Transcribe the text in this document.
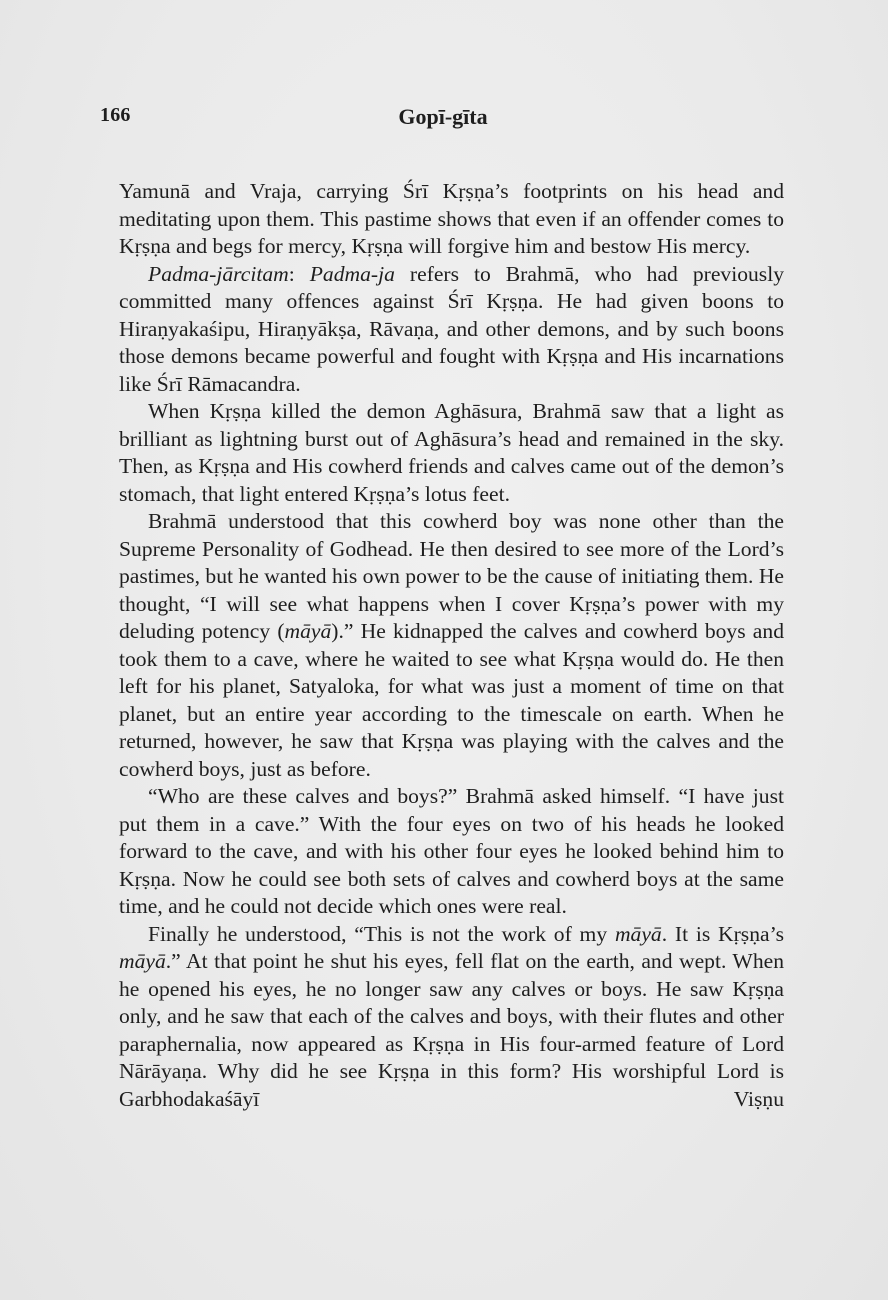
166	Gopī-gīta

Yamunā and Vraja, carrying Śrī Kṛṣṇa’s footprints on his head and meditating upon them. This pastime shows that even if an offender comes to Kṛṣṇa and begs for mercy, Kṛṣṇa will forgive him and bestow His mercy.

Padma-jārcitam: Padma-ja refers to Brahmā, who had previously committed many offences against Śrī Kṛṣṇa. He had given boons to Hiraṇyakaśipu, Hiraṇyākṣa, Rāvaṇa, and other demons, and by such boons those demons became powerful and fought with Kṛṣṇa and His incarnations like Śrī Rāmacandra.

When Kṛṣṇa killed the demon Aghāsura, Brahmā saw that a light as brilliant as lightning burst out of Aghāsura’s head and remained in the sky. Then, as Kṛṣṇa and His cowherd friends and calves came out of the demon’s stomach, that light entered Kṛṣṇa’s lotus feet.

Brahmā understood that this cowherd boy was none other than the Supreme Personality of Godhead. He then desired to see more of the Lord’s pastimes, but he wanted his own power to be the cause of initiating them. He thought, “I will see what happens when I cover Kṛṣṇa’s power with my deluding potency (māyā).” He kidnapped the calves and cowherd boys and took them to a cave, where he waited to see what Kṛṣṇa would do. He then left for his planet, Satyaloka, for what was just a moment of time on that planet, but an entire year according to the timescale on earth. When he returned, however, he saw that Kṛṣṇa was playing with the calves and the cowherd boys, just as before.

“Who are these calves and boys?” Brahmā asked himself. “I have just put them in a cave.” With the four eyes on two of his heads he looked forward to the cave, and with his other four eyes he looked behind him to Kṛṣṇa. Now he could see both sets of calves and cowherd boys at the same time, and he could not decide which ones were real.

Finally he understood, “This is not the work of my māyā. It is Kṛṣṇa’s māyā.” At that point he shut his eyes, fell flat on the earth, and wept. When he opened his eyes, he no longer saw any calves or boys. He saw Kṛṣṇa only, and he saw that each of the calves and boys, with their flutes and other paraphernalia, now appeared as Kṛṣṇa in His four-armed feature of Lord Nārāyaṇa. Why did he see Kṛṣṇa in this form? His worshipful Lord is Garbhodakaśāyī Viṣṇu
